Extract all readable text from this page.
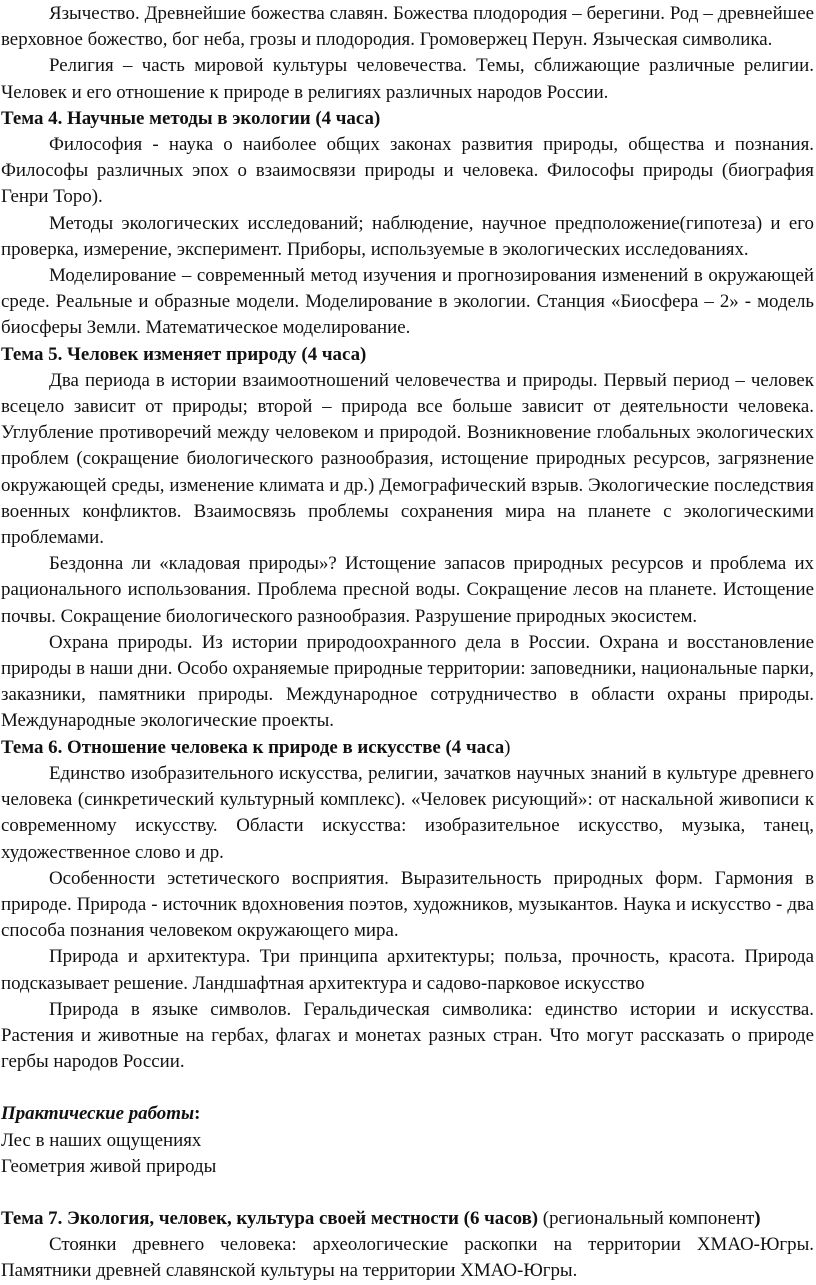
Язычество. Древнейшие божества славян. Божества плодородия – берегини. Род – древнейшее верховное божество, бог неба, грозы и плодородия. Громовержец Перун. Языческая символика.

Религия – часть мировой культуры человечества. Темы, сближающие различные религии. Человек и его отношение к природе в религиях различных народов России.

Тема 4. Научные методы в экологии (4 часа)

Философия - наука о наиболее общих законах развития природы, общества и познания. Философы различных эпох о взаимосвязи природы и человека. Философы природы (биография Генри Торо).

Методы экологических исследований; наблюдение, научное предположение(гипотеза) и его проверка, измерение, эксперимент. Приборы, используемые в экологических исследованиях.

Моделирование – современный метод изучения и прогнозирования изменений в окружающей среде. Реальные и образные модели. Моделирование в экологии. Станция «Биосфера – 2» - модель биосферы Земли. Математическое моделирование.

Тема 5. Человек изменяет природу (4 часа)

Два периода в истории взаимоотношений человечества и природы. Первый период – человек всецело зависит от природы; второй – природа все больше зависит от деятельности человека. Углубление противоречий между человеком и природой. Возникновение глобальных экологических проблем (сокращение биологического разнообразия, истощение природных ресурсов, загрязнение окружающей среды, изменение климата и др.) Демографический взрыв. Экологические последствия военных конфликтов. Взаимосвязь проблемы сохранения мира на планете с экологическими проблемами.

Бездонна ли «кладовая природы»? Истощение запасов природных ресурсов и проблема их рационального использования. Проблема пресной воды. Сокращение лесов на планете. Истощение почвы. Сокращение биологического разнообразия. Разрушение природных экосистем.

Охрана природы. Из истории природоохранного дела в России. Охрана и восстановление природы в наши дни. Особо охраняемые природные территории: заповедники, национальные парки, заказники, памятники природы. Международное сотрудничество в области охраны природы. Международные экологические проекты.

Тема 6. Отношение человека к природе в искусстве (4 часа)

Единство изобразительного искусства, религии, зачатков научных знаний в культуре древнего человека (синкретический культурный комплекс). «Человек рисующий»: от наскальной живописи к современному искусству. Области искусства: изобразительное искусство, музыка, танец, художественное слово и др.

Особенности эстетического восприятия. Выразительность природных форм. Гармония в природе. Природа - источник вдохновения поэтов, художников, музыкантов. Наука и искусство - два способа познания человеком окружающего мира.

Природа и архитектура. Три принципа архитектуры; польза, прочность, красота. Природа подсказывает решение. Ландшафтная архитектура и садово-парковое искусство

Природа в языке символов. Геральдическая символика: единство истории и искусства. Растения и животные на гербах, флагах и монетах разных стран. Что могут рассказать о природе гербы народов России.

Практические работы:

Лес в наших ощущениях

Геометрия живой природы

Тема 7. Экология, человек, культура своей местности (6 часов) (региональный компонент)

Стоянки древнего человека: археологические раскопки на территории ХМАО-Югры. Памятники древней славянской культуры на территории ХМАО-Югры.
